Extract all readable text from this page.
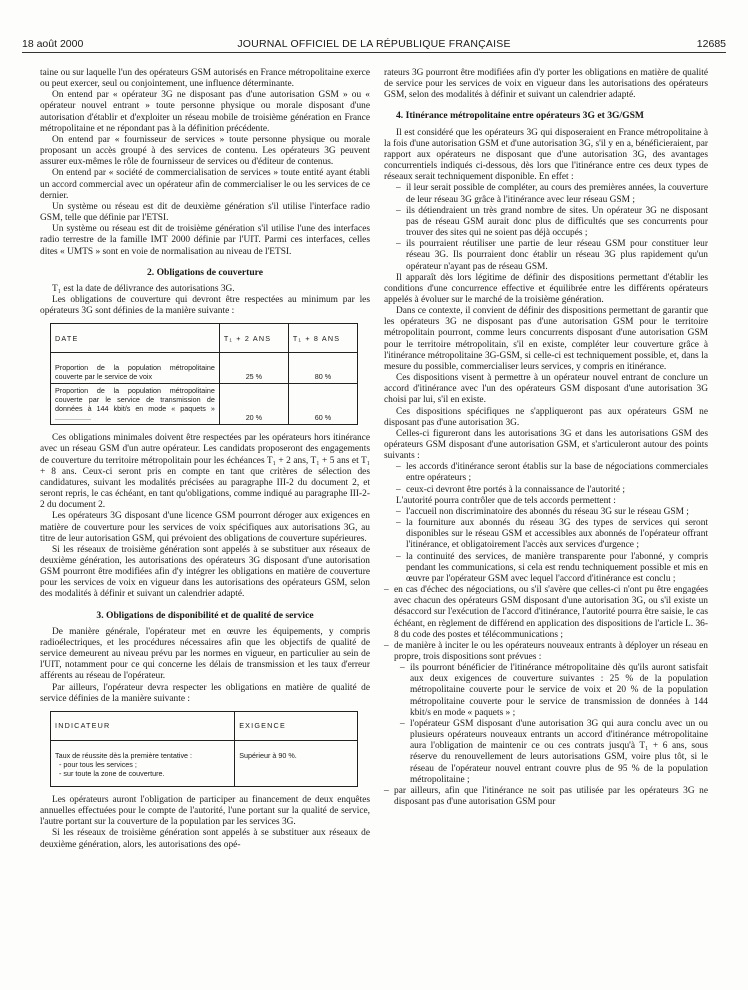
18 août 2000	JOURNAL OFFICIEL DE LA RÉPUBLIQUE FRANÇAISE	12685

taine ou sur laquelle l'un des opérateurs GSM autorisés en France métropolitaine exerce ou peut exercer, seul ou conjointement, une influence déterminante.

On entend par « opérateur 3G ne disposant pas d'une autorisation GSM » ou « opérateur nouvel entrant » toute personne physique ou morale disposant d'une autorisation d'établir et d'exploiter un réseau mobile de troisième génération en France métropolitaine et ne répondant pas à la définition précédente.

On entend par « fournisseur de services » toute personne physique ou morale proposant un accès groupé à des services de contenu. Les opérateurs 3G peuvent assurer eux-mêmes le rôle de fournisseur de services ou d'éditeur de contenus.

On entend par « société de commercialisation de services » toute entité ayant établi un accord commercial avec un opérateur afin de commercialiser le ou les services de ce dernier.

Un système ou réseau est dit de deuxième génération s'il utilise l'interface radio GSM, telle que définie par l'ETSI.

Un système ou réseau est dit de troisième génération s'il utilise l'une des interfaces radio terrestre de la famille IMT 2000 définie par l'UIT. Parmi ces interfaces, celles dites « UMTS » sont en voie de normalisation au niveau de l'ETSI.

2. Obligations de couverture

T₁ est la date de délivrance des autorisations 3G.

Les obligations de couverture qui devront être respectées au minimum par les opérateurs 3G sont définies de la manière suivante :

DATE	T₁ + 2 ANS	T₁ + 8 ANS
Proportion de la population métropolitaine couverte par le service de voix	25 %	80 %
Proportion de la population métropolitaine couverte par le service de transmission de données à 144 kbit/s en mode « paquets » ..................	20 %	60 %

Ces obligations minimales doivent être respectées par les opérateurs hors itinérance avec un réseau GSM d'un autre opérateur. Les candidats proposeront des engagements de couverture du territoire métropolitain pour les échéances T₁ + 2 ans, T₁ + 5 ans et T₁ + 8 ans. Ceux-ci seront pris en compte en tant que critères de sélection des candidatures, suivant les modalités précisées au paragraphe III-2 du document 2, et seront repris, le cas échéant, en tant qu'obligations, comme indiqué au paragraphe III-2-2 du document 2.

Les opérateurs 3G disposant d'une licence GSM pourront déroger aux exigences en matière de couverture pour les services de voix spécifiques aux autorisations 3G, au titre de leur autorisation GSM, qui prévoient des obligations de couverture supérieures.

Si les réseaux de troisième génération sont appelés à se substituer aux réseaux de deuxième génération, les autorisations des opérateurs 3G disposant d'une autorisation GSM pourront être modifiées afin d'y intégrer les obligations en matière de couverture pour les services de voix en vigueur dans les autorisations des opérateurs GSM, selon des modalités à définir et suivant un calendrier adapté.

3. Obligations de disponibilité et de qualité de service

De manière générale, l'opérateur met en œuvre les équipements, y compris radioélectriques, et les procédures nécessaires afin que les objectifs de qualité de service demeurent au niveau prévu par les normes en vigueur, en particulier au sein de l'UIT, notamment pour ce qui concerne les délais de transmission et les taux d'erreur afférents au réseau de l'opérateur.

Par ailleurs, l'opérateur devra respecter les obligations en matière de qualité de service définies de la manière suivante :

INDICATEUR	EXIGENCE

Taux de réussite dès la première tentative :
- pour tous les services ;
- sur toute la zone de couverture.	Supérieur à 90 %.

Les opérateurs auront l'obligation de participer au financement de deux enquêtes annuelles effectuées pour le compte de l'autorité, l'une portant sur la qualité de service, l'autre portant sur la couverture de la population par les services 3G.

Si les réseaux de troisième génération sont appelés à se substituer aux réseaux de deuxième génération, alors, les autorisations des opé-

rateurs 3G pourront être modifiées afin d'y porter les obligations en matière de qualité de service pour les services de voix en vigueur dans les autorisations des opérateurs GSM, selon des modalités à définir et suivant un calendrier adapté.

4. Itinérance métropolitaine entre opérateurs 3G et 3G/GSM

Il est considéré que les opérateurs 3G qui disposeraient en France métropolitaine à la fois d'une autorisation GSM et d'une autorisation 3G, s'il y en a, bénéficieraient, par rapport aux opérateurs ne disposant que d'une autorisation 3G, des avantages concurrentiels indiqués ci-dessous, dès lors que l'itinérance entre ces deux types de réseaux serait techniquement disponible. En effet :

– il leur serait possible de compléter, au cours des premières années, la couverture de leur réseau 3G grâce à l'itinérance avec leur réseau GSM ;
– ils détiendraient un très grand nombre de sites. Un opérateur 3G ne disposant pas de réseau GSM aurait donc plus de difficultés que ses concurrents pour trouver des sites qui ne soient pas déjà occupés ;
– ils pourraient réutiliser une partie de leur réseau GSM pour constituer leur réseau 3G. Ils pourraient donc établir un réseau 3G plus rapidement qu'un opérateur n'ayant pas de réseau GSM.

Il apparaît dès lors légitime de définir des dispositions permettant d'établir les conditions d'une concurrence effective et équilibrée entre les différents opérateurs appelés à évoluer sur le marché de la troisième génération.

Dans ce contexte, il convient de définir des dispositions permettant de garantir que les opérateurs 3G ne disposant pas d'une autorisation GSM pour le territoire métropolitain pourront, comme leurs concurrents disposant d'une autorisation GSM pour le territoire métropolitain, s'il en existe, compléter leur couverture grâce à l'itinérance métropolitaine 3G-GSM, si celle-ci est techniquement possible, et, dans la mesure du possible, commercialiser leurs services, y compris en itinérance.

Ces dispositions visent à permettre à un opérateur nouvel entrant de conclure un accord d'itinérance avec l'un des opérateurs GSM disposant d'une autorisation 3G choisi par lui, s'il en existe.

Ces dispositions spécifiques ne s'appliqueront pas aux opérateurs GSM ne disposant pas d'une autorisation 3G.

Celles-ci figureront dans les autorisations 3G et dans les autorisations GSM des opérateurs GSM disposant d'une autorisation GSM, et s'articuleront autour des points suivants :

– les accords d'itinérance seront établis sur la base de négociations commerciales entre opérateurs ;
– ceux-ci devront être portés à la connaissance de l'autorité ;

L'autorité pourra contrôler que de tels accords permettent :

– l'accueil non discriminatoire des abonnés du réseau 3G sur le réseau GSM ;
– la fourniture aux abonnés du réseau 3G des types de services qui seront disponibles sur le réseau GSM et accessibles aux abonnés de l'opérateur offrant l'itinérance, et obligatoirement l'accès aux services d'urgence ;
– la continuité des services, de manière transparente pour l'abonné, y compris pendant les communications, si cela est rendu techniquement possible et mis en œuvre par l'opérateur GSM avec lequel l'accord d'itinérance est conclu ;
– en cas d'échec des négociations, ou s'il s'avère que celles-ci n'ont pu être engagées avec chacun des opérateurs GSM disposant d'une autorisation 3G, ou s'il existe un désaccord sur l'exécution de l'accord d'itinérance, l'autorité pourra être saisie, le cas échéant, en règlement de différend en application des dispositions de l'article L. 36-8 du code des postes et télécommunications ;
– de manière à inciter le ou les opérateurs nouveaux entrants à déployer un réseau en propre, trois dispositions sont prévues :
– ils pourront bénéficier de l'itinérance métropolitaine dès qu'ils auront satisfait aux deux exigences de couverture suivantes : 25 % de la population métropolitaine couverte pour le service de voix et 20 % de la population métropolitaine couverte pour le service de transmission de données à 144 kbit/s en mode « paquets » ;
– l'opérateur GSM disposant d'une autorisation 3G qui aura conclu avec un ou plusieurs opérateurs nouveaux entrants un accord d'itinérance métropolitaine aura l'obligation de maintenir ce ou ces contrats jusqu'à T₁ + 6 ans, sous réserve du renouvellement de leurs autorisations GSM, voire plus tôt, si le réseau de l'opérateur nouvel entrant couvre plus de 95 % de la population métropolitaine ;
– – par ailleurs, afin que l'itinérance ne soit pas utilisée par les opérateurs 3G ne disposant pas d'une autorisation GSM pour
